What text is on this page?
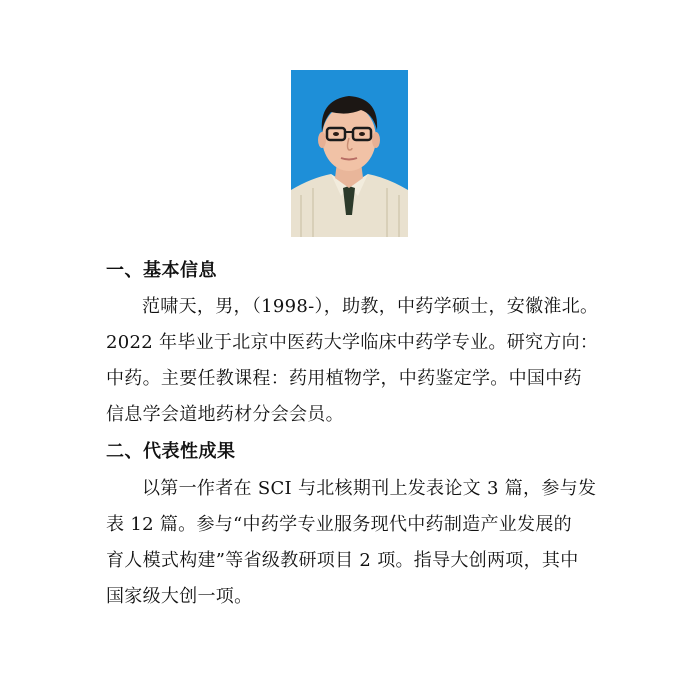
一、基本信息
范啸天，男，（1998-），助教，中药学硕士，安徽淮北。
2022 年毕业于北京中医药大学临床中药学专业。研究方向：
中药。主要任教课程：药用植物学，中药鉴定学。中国中药
信息学会道地药材分会会员。
二、代表性成果
以第一作者在 SCI 与北核期刊上发表论文 3 篇，参与发
表 12 篇。参与“中药学专业服务现代中药制造产业发展的
育人模式构建”等省级教研项目 2 项。指导大创两项，其中
国家级大创一项。
